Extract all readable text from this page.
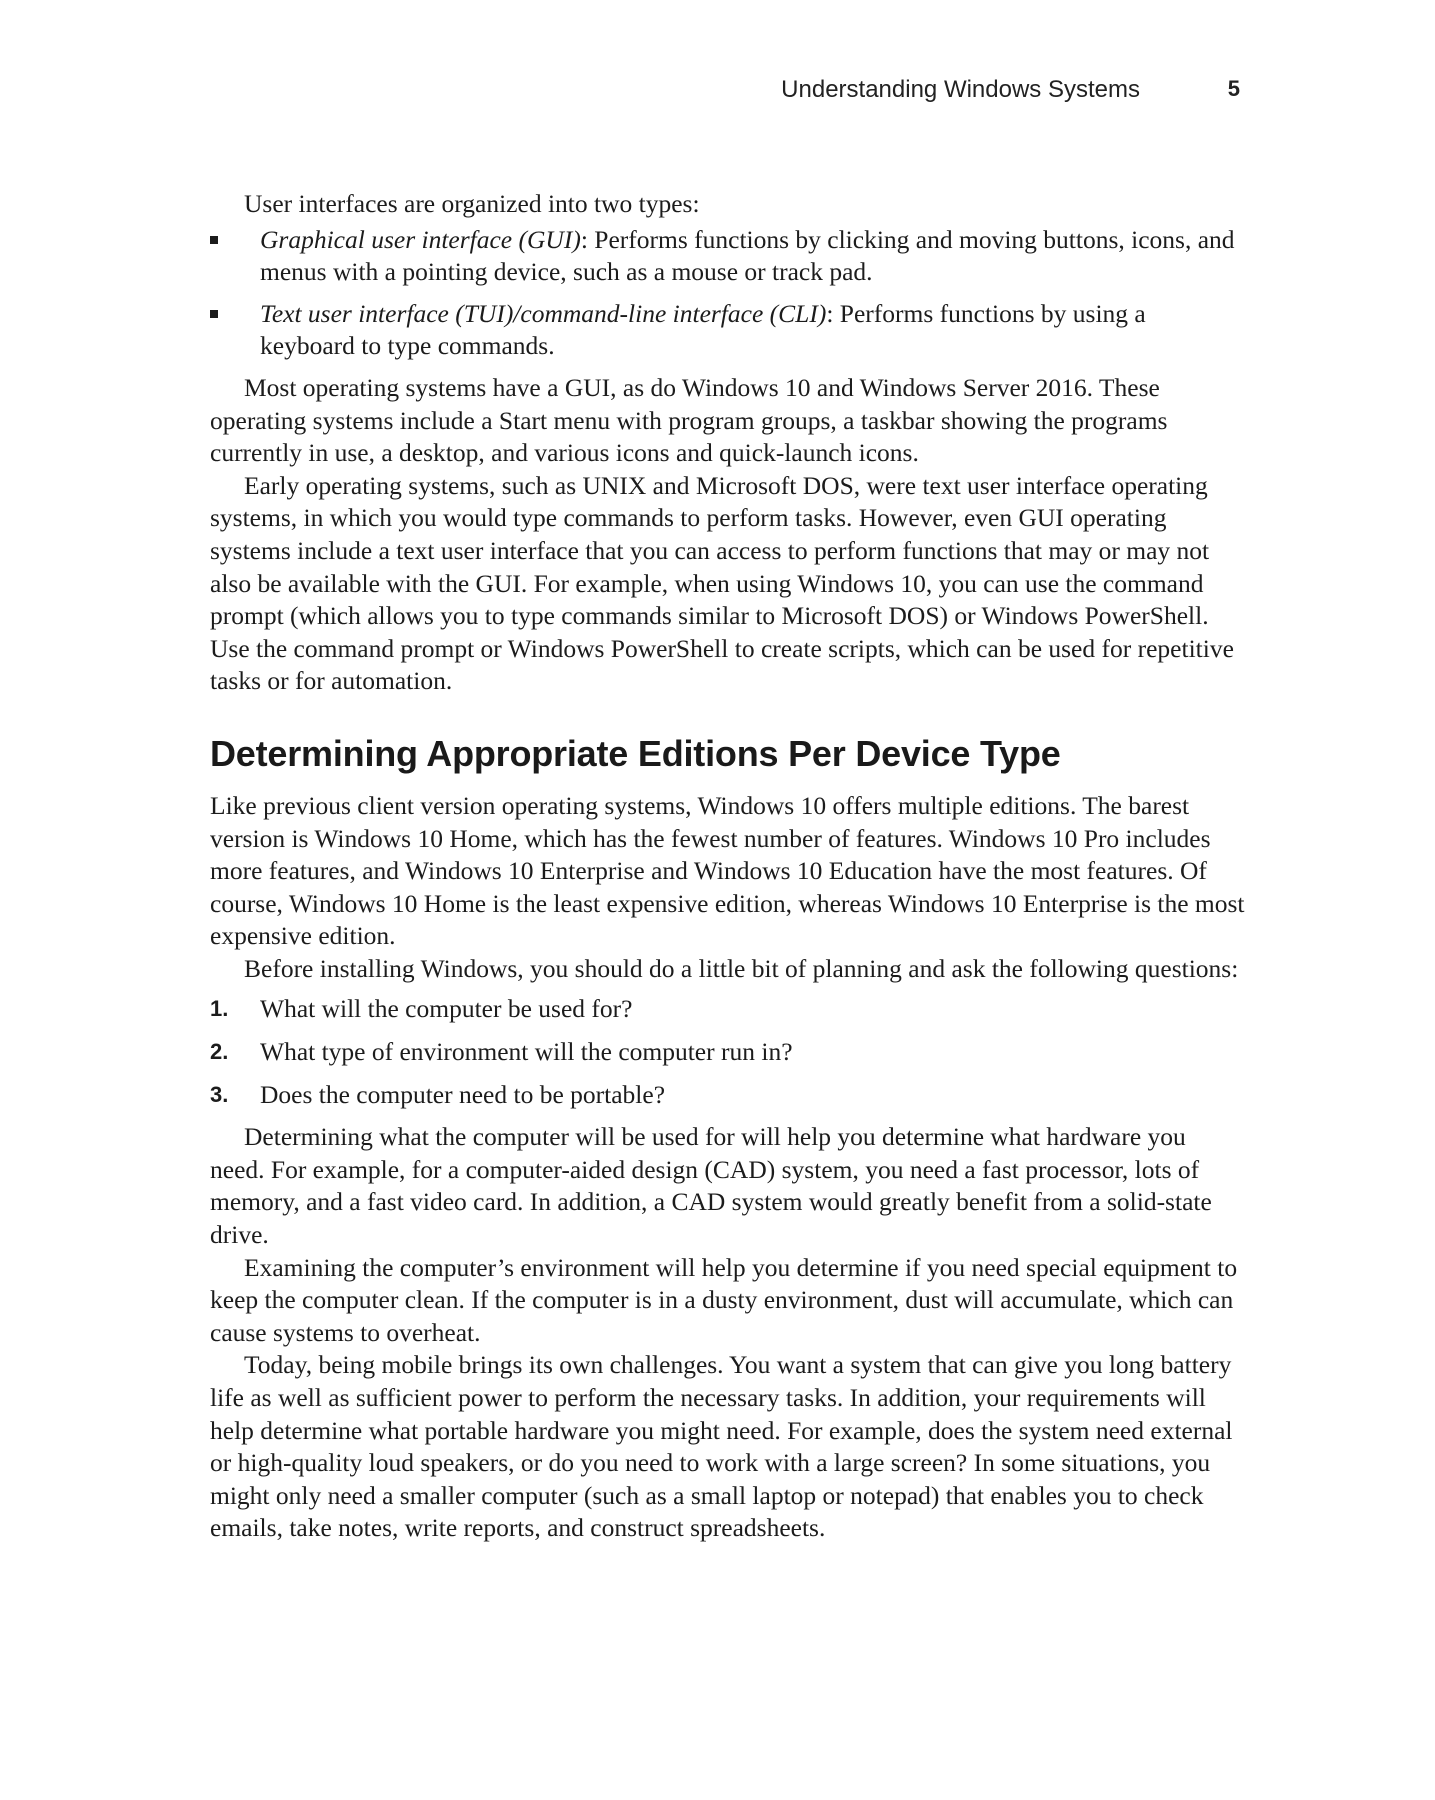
Understanding Windows Systems	5

User interfaces are organized into two types:

Graphical user interface (GUI): Performs functions by clicking and moving buttons, icons, and menus with a pointing device, such as a mouse or track pad.
Text user interface (TUI)/command-line interface (CLI): Performs functions by using a keyboard to type commands.

Most operating systems have a GUI, as do Windows 10 and Windows Server 2016. These operating systems include a Start menu with program groups, a taskbar showing the programs currently in use, a desktop, and various icons and quick-launch icons.

Early operating systems, such as UNIX and Microsoft DOS, were text user interface operating systems, in which you would type commands to perform tasks. However, even GUI operating systems include a text user interface that you can access to perform functions that may or may not also be available with the GUI. For example, when using Windows 10, you can use the command prompt (which allows you to type commands similar to Microsoft DOS) or Windows PowerShell. Use the command prompt or Windows PowerShell to create scripts, which can be used for repetitive tasks or for automation.

Determining Appropriate Editions Per Device Type

Like previous client version operating systems, Windows 10 offers multiple editions. The barest version is Windows 10 Home, which has the fewest number of features. Windows 10 Pro includes more features, and Windows 10 Enterprise and Windows 10 Education have the most features. Of course, Windows 10 Home is the least expensive edition, whereas Windows 10 Enterprise is the most expensive edition.

Before installing Windows, you should do a little bit of planning and ask the following questions:

1. What will the computer be used for?
2. What type of environment will the computer run in?
3. Does the computer need to be portable?

Determining what the computer will be used for will help you determine what hardware you need. For example, for a computer-aided design (CAD) system, you need a fast processor, lots of memory, and a fast video card. In addition, a CAD system would greatly benefit from a solid-state drive.

Examining the computer’s environment will help you determine if you need special equipment to keep the computer clean. If the computer is in a dusty environment, dust will accumulate, which can cause systems to overheat.

Today, being mobile brings its own challenges. You want a system that can give you long battery life as well as sufficient power to perform the necessary tasks. In addition, your requirements will help determine what portable hardware you might need. For example, does the system need external or high-quality loud speakers, or do you need to work with a large screen? In some situations, you might only need a smaller computer (such as a small laptop or notepad) that enables you to check emails, take notes, write reports, and construct spreadsheets.
